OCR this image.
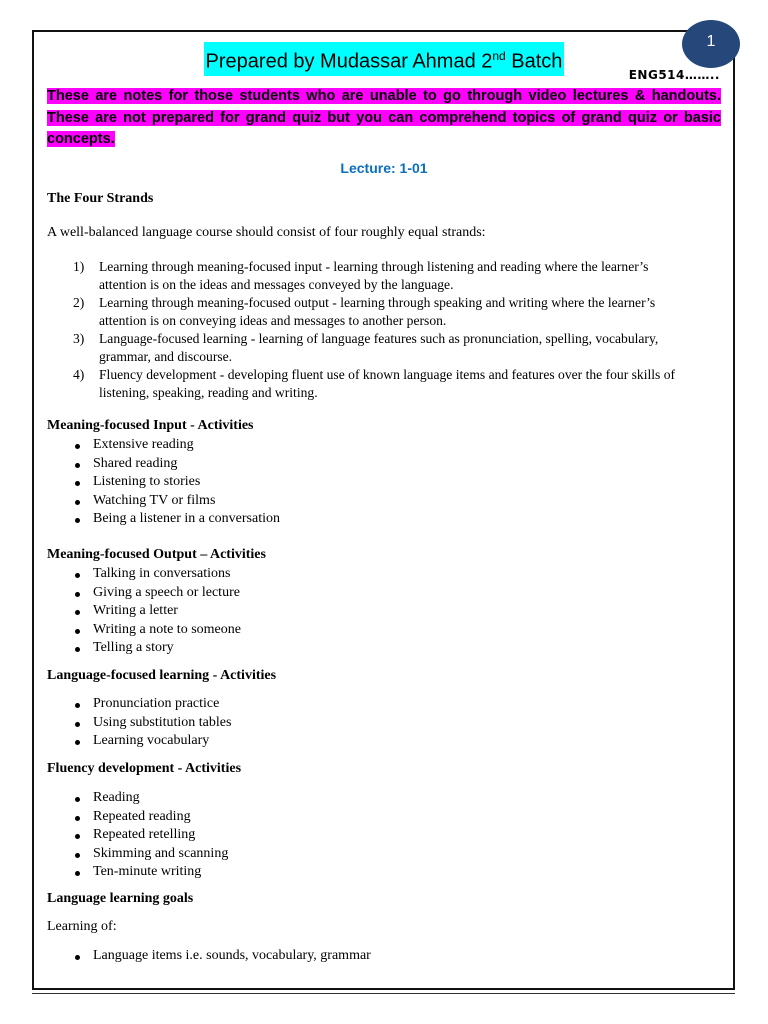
1
Prepared by Mudassar Ahmad 2nd Batch
ENG514……..
These are notes for those students who are unable to go through video lectures & handouts. These are not prepared for grand quiz but you can comprehend topics of grand quiz or basic concepts.
Lecture: 1-01
The Four Strands
A well-balanced language course should consist of four roughly equal strands:
1) Learning through meaning-focused input - learning through listening and reading where the learner’s attention is on the ideas and messages conveyed by the language.
2) Learning through meaning-focused output - learning through speaking and writing where the learner’s attention is on conveying ideas and messages to another person.
3) Language-focused learning - learning of language features such as pronunciation, spelling, vocabulary, grammar, and discourse.
4) Fluency development - developing fluent use of known language items and features over the four skills of listening, speaking, reading and writing.
Meaning-focused Input - Activities
Extensive reading
Shared reading
Listening to stories
Watching TV or films
Being a listener in a conversation
Meaning-focused Output – Activities
Talking in conversations
Giving a speech or lecture
Writing a letter
Writing a note to someone
Telling a story
Language-focused learning - Activities
Pronunciation practice
Using substitution tables
Learning vocabulary
Fluency development - Activities
Reading
Repeated reading
Repeated retelling
Skimming and scanning
Ten-minute writing
Language learning goals
Learning of:
Language items i.e. sounds, vocabulary, grammar
